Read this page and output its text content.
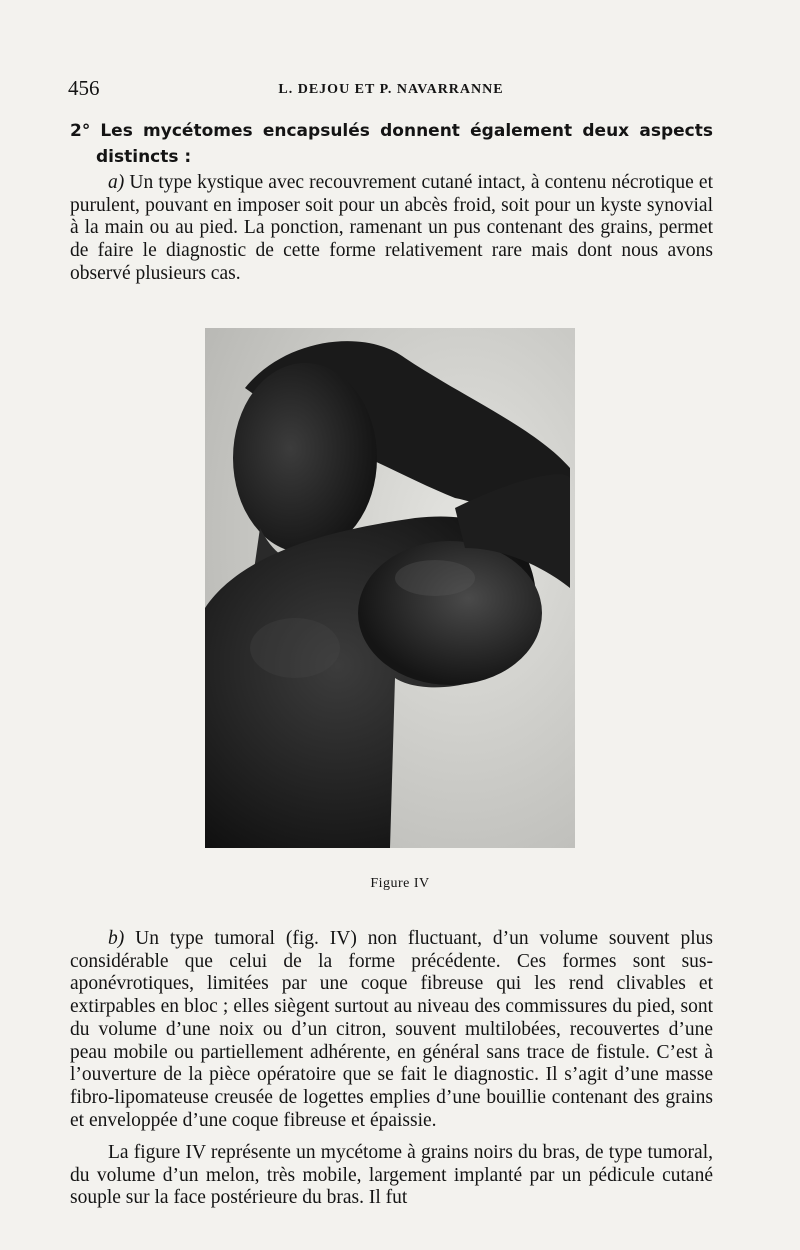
456	L. DEJOU ET P. NAVARRANNE
2° Les mycétomes encapsulés donnent également deux aspects
distincts :
a) Un type kystique avec recouvrement cutané intact, à contenu nécrotique et purulent, pouvant en imposer soit pour un abcès froid, soit pour un kyste synovial à la main ou au pied. La ponction, ramenant un pus contenant des grains, permet de faire le diagnostic de cette forme relativement rare mais dont nous avons observé plusieurs cas.
Figure IV
b) Un type tumoral (fig. IV) non fluctuant, d’un volume souvent plus considérable que celui de la forme précédente. Ces formes sont sus-aponévrotiques, limitées par une coque fibreuse qui les rend clivables et extirpables en bloc ; elles siègent surtout au niveau des commissures du pied, sont du volume d’une noix ou d’un citron, souvent multilobées, recouvertes d’une peau mobile ou partiellement adhérente, en général sans trace de fistule. C’est à l’ouverture de la pièce opératoire que se fait le diagnostic. Il s’agit d’une masse fibro-lipomateuse creusée de logettes emplies d’une bouillie contenant des grains et enveloppée d’une coque fibreuse et épaissie.
La figure IV représente un mycétome à grains noirs du bras, de type tumoral, du volume d’un melon, très mobile, largement implanté par un pédicule cutané souple sur la face postérieure du bras. Il fut
